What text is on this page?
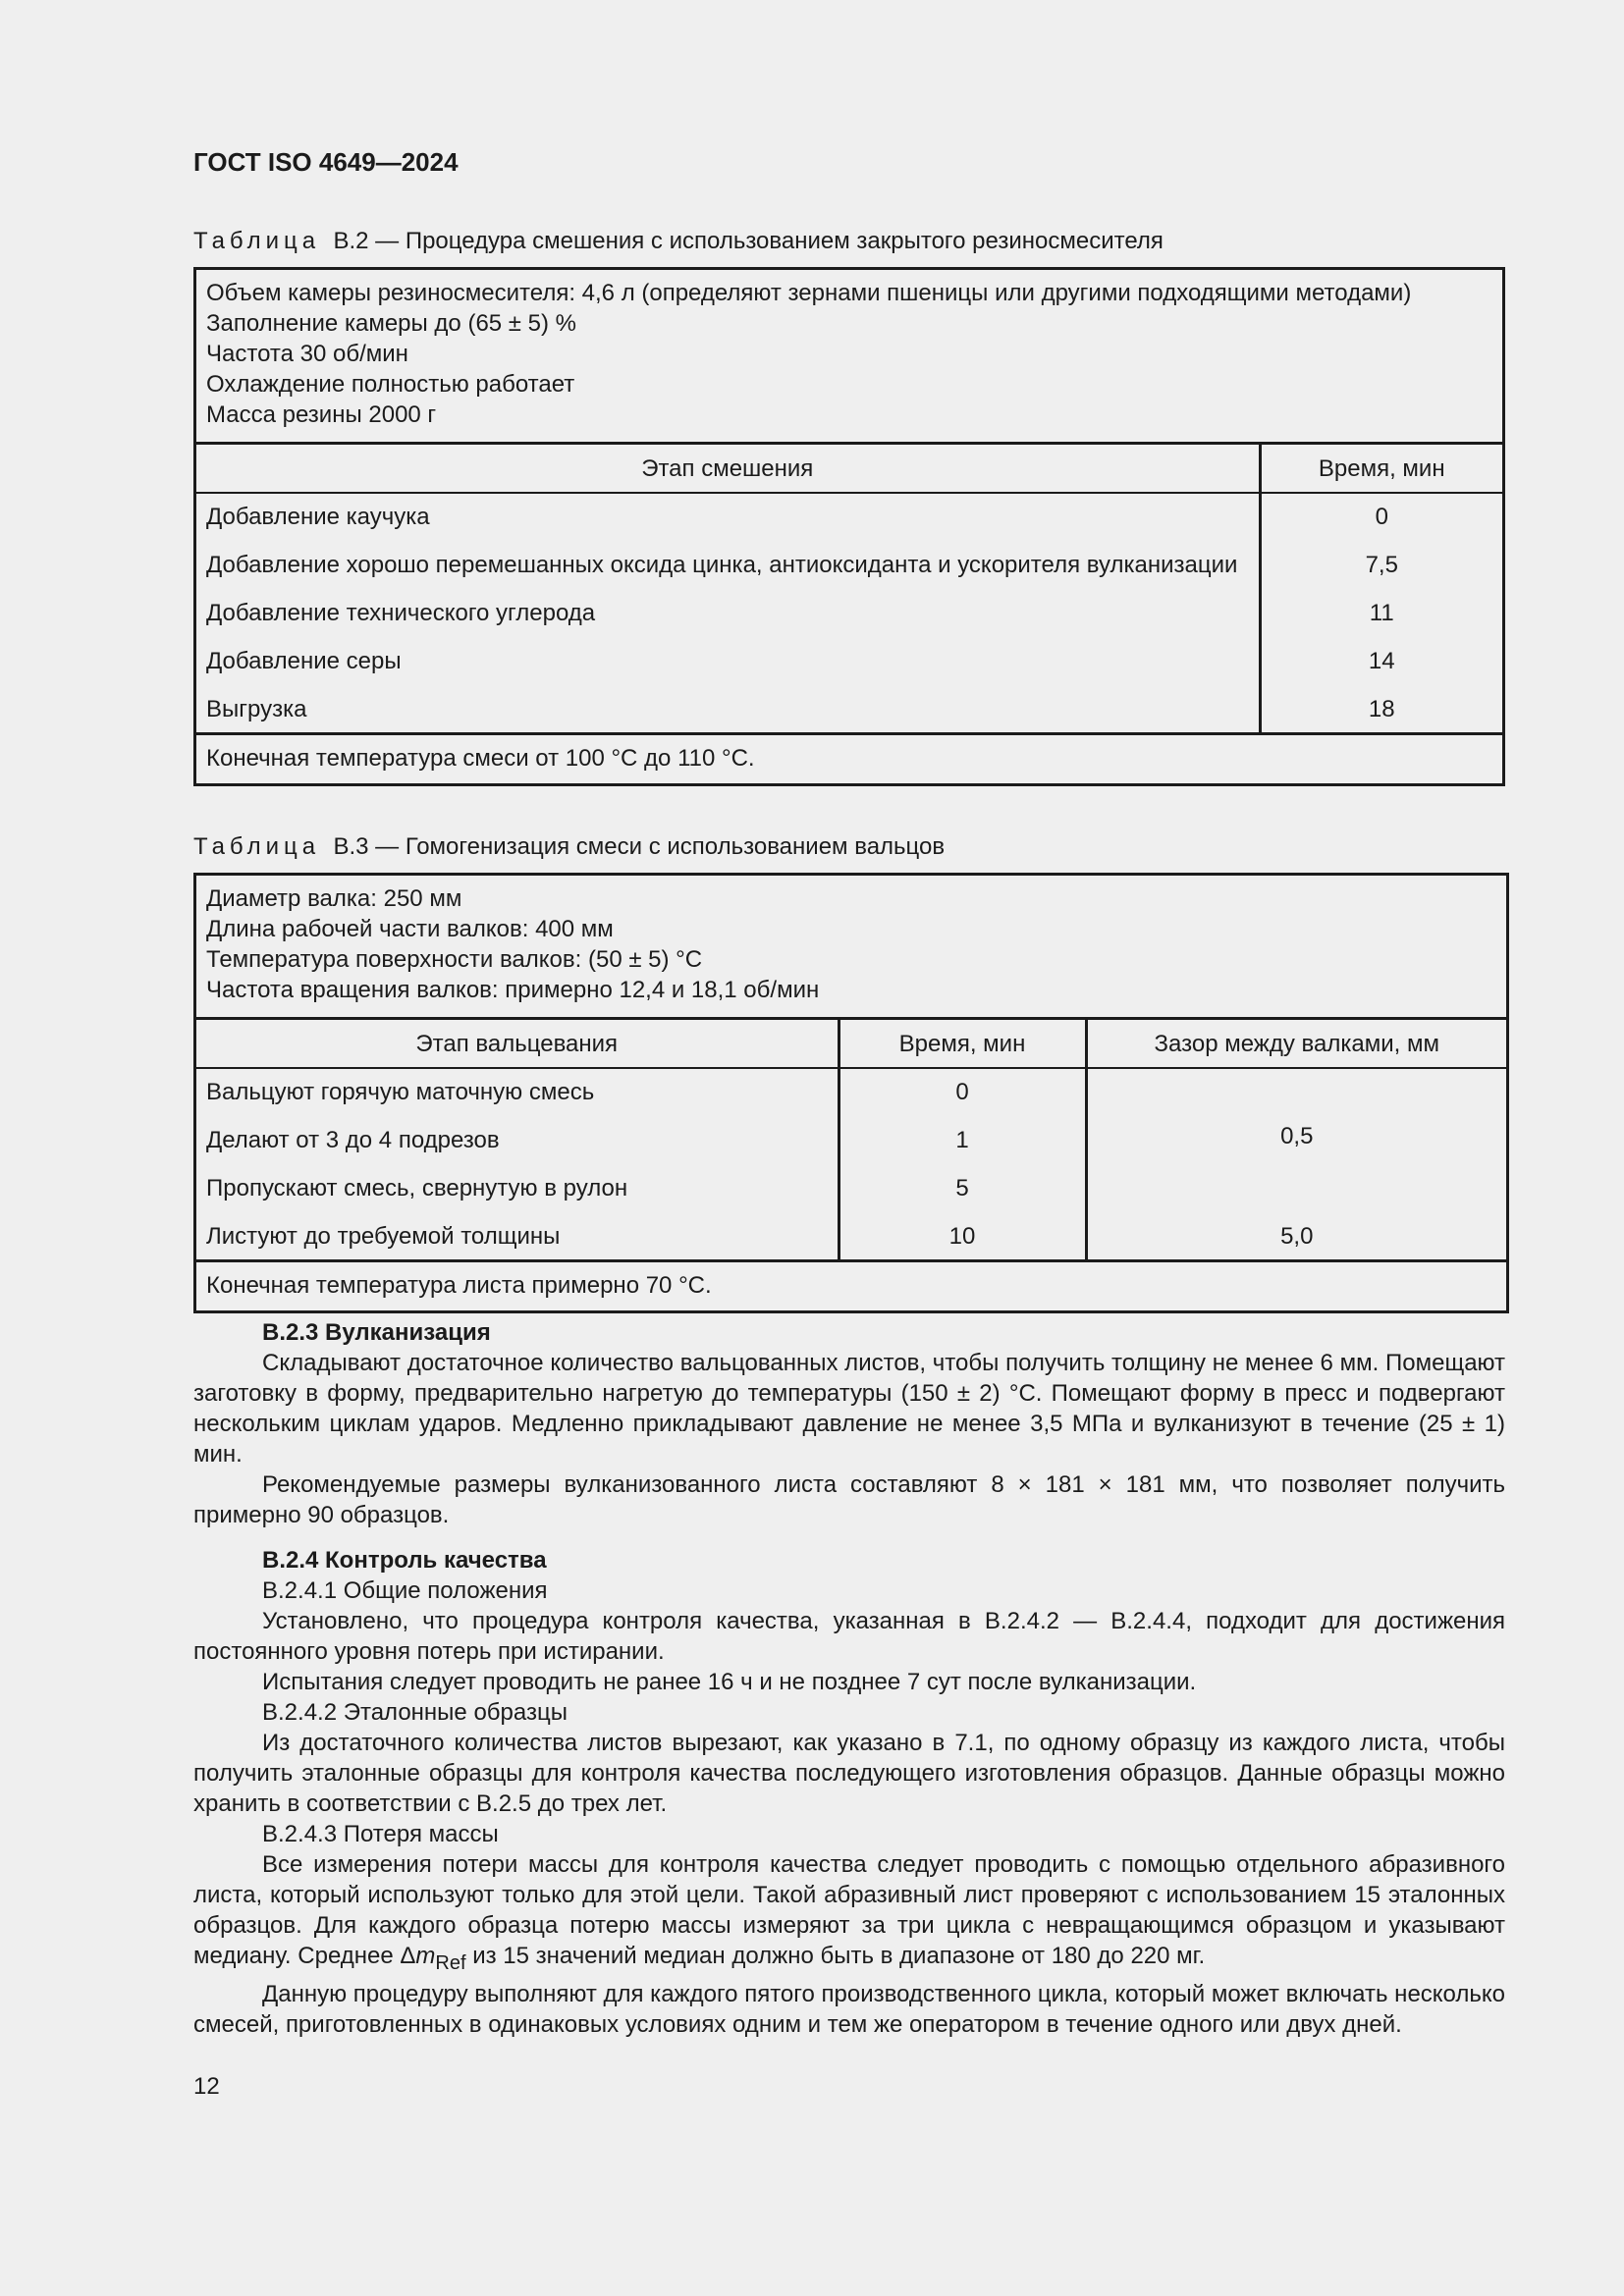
ГОСТ ISO 4649—2024
Таблица В.2 — Процедура смешения с использованием закрытого резиносмесителя
Объем камеры резиносмесителя: 4,6 л (определяют зернами пшеницы или другими подходящими методами)
Заполнение камеры до (65 ± 5) %
Частота 30 об/мин
Охлаждение полностью работает
Масса резины 2000 г
Этап смешения	Время, мин
Добавление каучука	0
Добавление хорошо перемешанных оксида цинка, антиоксиданта и ускорителя вулканизации	7,5
Добавление технического углерода	11
Добавление серы	14
Выгрузка	18
Конечная температура смеси от 100 °С до 110 °С.
Таблица В.3 — Гомогенизация смеси с использованием вальцов
Диаметр валка: 250 мм
Длина рабочей части валков: 400 мм
Температура поверхности валков: (50 ± 5) °С
Частота вращения валков: примерно 12,4 и 18,1 об/мин
Этап вальцевания	Время, мин	Зазор между валками, мм
Вальцуют горячую маточную смесь	0	0,5
Делают от 3 до 4 подрезов	1	
Пропускают смесь, свернутую в рулон	5	
Листуют до требуемой толщины	10	5,0
Конечная температура листа примерно 70 °С.

В.2.3 Вулканизация

Складывают достаточное количество вальцованных листов, чтобы получить толщину не менее 6 мм. Помещают заготовку в форму, предварительно нагретую до температуры (150 ± 2) °С. Помещают форму в пресс и подвергают нескольким циклам ударов. Медленно прикладывают давление не менее 3,5 МПа и вулканизуют в течение (25 ± 1) мин.

Рекомендуемые размеры вулканизованного листа составляют 8 × 181 × 181 мм, что позволяет получить примерно 90 образцов.

В.2.4 Контроль качества

В.2.4.1 Общие положения

Установлено, что процедура контроля качества, указанная в В.2.4.2 — В.2.4.4, подходит для достижения постоянного уровня потерь при истирании.

Испытания следует проводить не ранее 16 ч и не позднее 7 сут после вулканизации.

В.2.4.2 Эталонные образцы

Из достаточного количества листов вырезают, как указано в 7.1, по одному образцу из каждого листа, чтобы получить эталонные образцы для контроля качества последующего изготовления образцов. Данные образцы можно хранить в соответствии с В.2.5 до трех лет.

В.2.4.3 Потеря массы

Все измерения потери массы для контроля качества следует проводить с помощью отдельного абразивного листа, который используют только для этой цели. Такой абразивный лист проверяют с использованием 15 эталонных образцов. Для каждого образца потерю массы измеряют за три цикла с невращающимся образцом и указывают медиану. Среднее $\Delta m_{Ref}$ из 15 значений медиан должно быть в диапазоне от 180 до 220 мг.

Данную процедуру выполняют для каждого пятого производственного цикла, который может включать несколько смесей, приготовленных в одинаковых условиях одним и тем же оператором в течение одного или двух дней.

12
